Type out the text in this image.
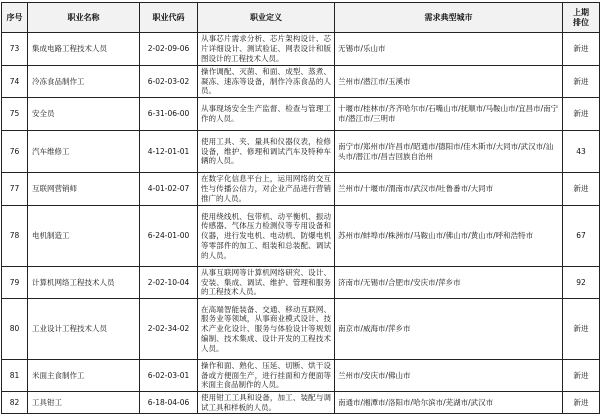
序号	职业名称	职业代码	职业定义	需求典型城市	上期
排位
73	集成电路工程技术人员	2-02-09-06	从事芯片需求分析、芯片架构设计、芯片详细设计、测试验证、网表设计和版图设计的工程技术人员。	无锡市/乐山市	新进
74	冷冻食品制作工	6-02-03-02	操作调配、灭菌、和面、成型、蒸煮、凝冻、速冻等设备，制作冷冻食品的人员。	兰州市/潜江市/玉溪市	新进
75	安全员	6-31-06-00	从事现场安全生产监督、检查与管理工作的人员。	十堰市/桂林市/齐齐哈尔市/石嘴山市/抚顺市/马鞍山市/宜昌市/南宁市/潜江市/三明市	新进
76	汽车维修工	4-12-01-01	使用工具、夹、量具和仪器仪表，检修设备，维护、修理和调试汽车及特种车辆的人员。	南宁市/郑州市/许昌市/昭通市/德阳市/佳木斯市/大同市/武汉市/汕头市/潜江市/昌吉回族自治州	43
77	互联网营销师	4-01-02-07	在数字化信息平台上，运用网络的交互性与传播公信力，对企业产品进行营销推广的人员。	兰州市/十堰市/渭南市/武汉市/吐鲁番市/大同市	新进
78	电机制造工	6-24-01-00	使用绕线机、包带机、动平衡机、振动传感器、气体压力检测仪等专用设备和仪器，进行发电机、电动机、防爆电机等零部件的加工、组装和总装配、调试的人员。	苏州市/蚌埠市/株洲市/马鞍山市/佛山市/黄山市/呼和浩特市	67
79	计算机网络工程技术人员	2-02-10-04	从事互联网等计算机网络研究、设计、安装、集成、调试、维护、管理和服务的工程技术人员。	济南市/无锡市/合肥市/安庆市/萍乡市	92
80	工业设计工程技术人员	2-02-34-02	在高端智能装备、交通、移动互联网、服务业等领域，从事商业模式设计、技术产业化设计、服务与体验设计等规划编制、技术集成、设计开发的工程技术人员。	南京市/威海市/萍乡市	新进
81	米面主食制作工	6-02-03-01	操作和面、熟化、压延、切断、烘干设备或方便面生产，进行挂面和方便面等米面主食品制作的人员。	兰州市/安庆市/佛山市	新进
82	工具钳工	6-18-04-06	使用钳工工具和设备，加工、装配与调试工具和样板的人员。	南通市/湘潭市/洛阳市/哈尔滨市/芜湖市/武汉市	新进
